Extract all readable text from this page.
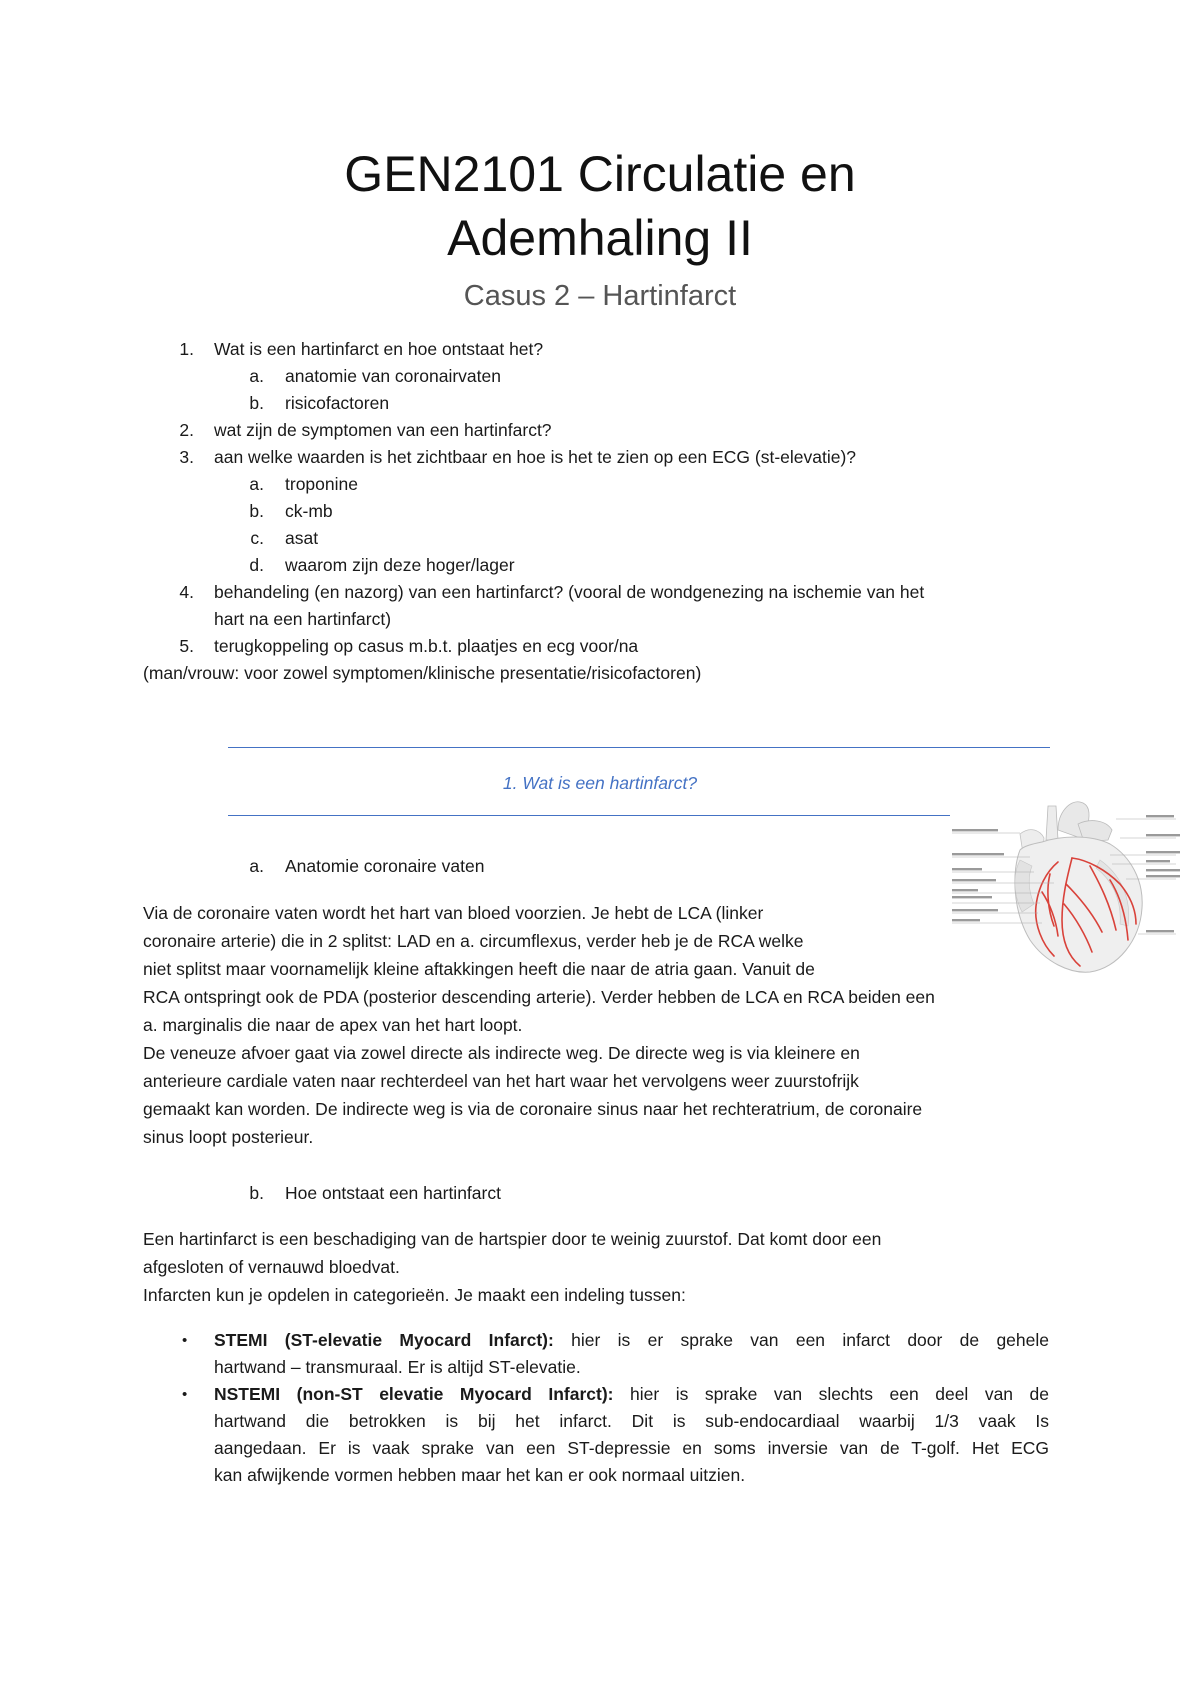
GEN2101 Circulatie en
Ademhaling II
Casus 2 – Hartinfarct
1. Wat is een hartinfarct en hoe ontstaat het?
a. anatomie van coronairvaten
b. risicofactoren
2. wat zijn de symptomen van een hartinfarct?
3. aan welke waarden is het zichtbaar en hoe is het te zien op een ECG (st-elevatie)?
a. troponine
b. ck-mb
c. asat
d. waarom zijn deze hoger/lager
4. behandeling (en nazorg) van een hartinfarct? (vooral de wondgenezing na ischemie van het
hart na een hartinfarct)
5. terugkoppeling op casus m.b.t. plaatjes en ecg voor/na
(man/vrouw: voor zowel symptomen/klinische presentatie/risicofactoren)
1. Wat is een hartinfarct?
a. Anatomie coronaire vaten
Via de coronaire vaten wordt het hart van bloed voorzien. Je hebt de LCA (linker
coronaire arterie) die in 2 splitst: LAD en a. circumflexus, verder heb je de RCA welke
niet splitst maar voornamelijk kleine aftakkingen heeft die naar de atria gaan. Vanuit de
RCA ontspringt ook de PDA (posterior descending arterie). Verder hebben de LCA en RCA beiden een
a. marginalis die naar de apex van het hart loopt.
De veneuze afvoer gaat via zowel directe als indirecte weg. De directe weg is via kleinere en
anterieure cardiale vaten naar rechterdeel van het hart waar het vervolgens weer zuurstofrijk
gemaakt kan worden. De indirecte weg is via de coronaire sinus naar het rechteratrium, de coronaire
sinus loopt posterieur.
b. Hoe ontstaat een hartinfarct
Een hartinfarct is een beschadiging van de hartspier door te weinig zuurstof. Dat komt door een
afgesloten of vernauwd bloedvat.
Infarcten kun je opdelen in categorieën. Je maakt een indeling tussen:
• STEMI (ST-elevatie Myocard Infarct): hier is er sprake van een infarct door de gehele
hartwand – transmuraal. Er is altijd ST-elevatie.
• NSTEMI (non-ST elevatie Myocard Infarct): hier is sprake van slechts een deel van de
hartwand die betrokken is bij het infarct. Dit is sub-endocardiaal waarbij 1/3 vaak Is
aangedaan. Er is vaak sprake van een ST-depressie en soms inversie van de T-golf. Het ECG
kan afwijkende vormen hebben maar het kan er ook normaal uitzien.
